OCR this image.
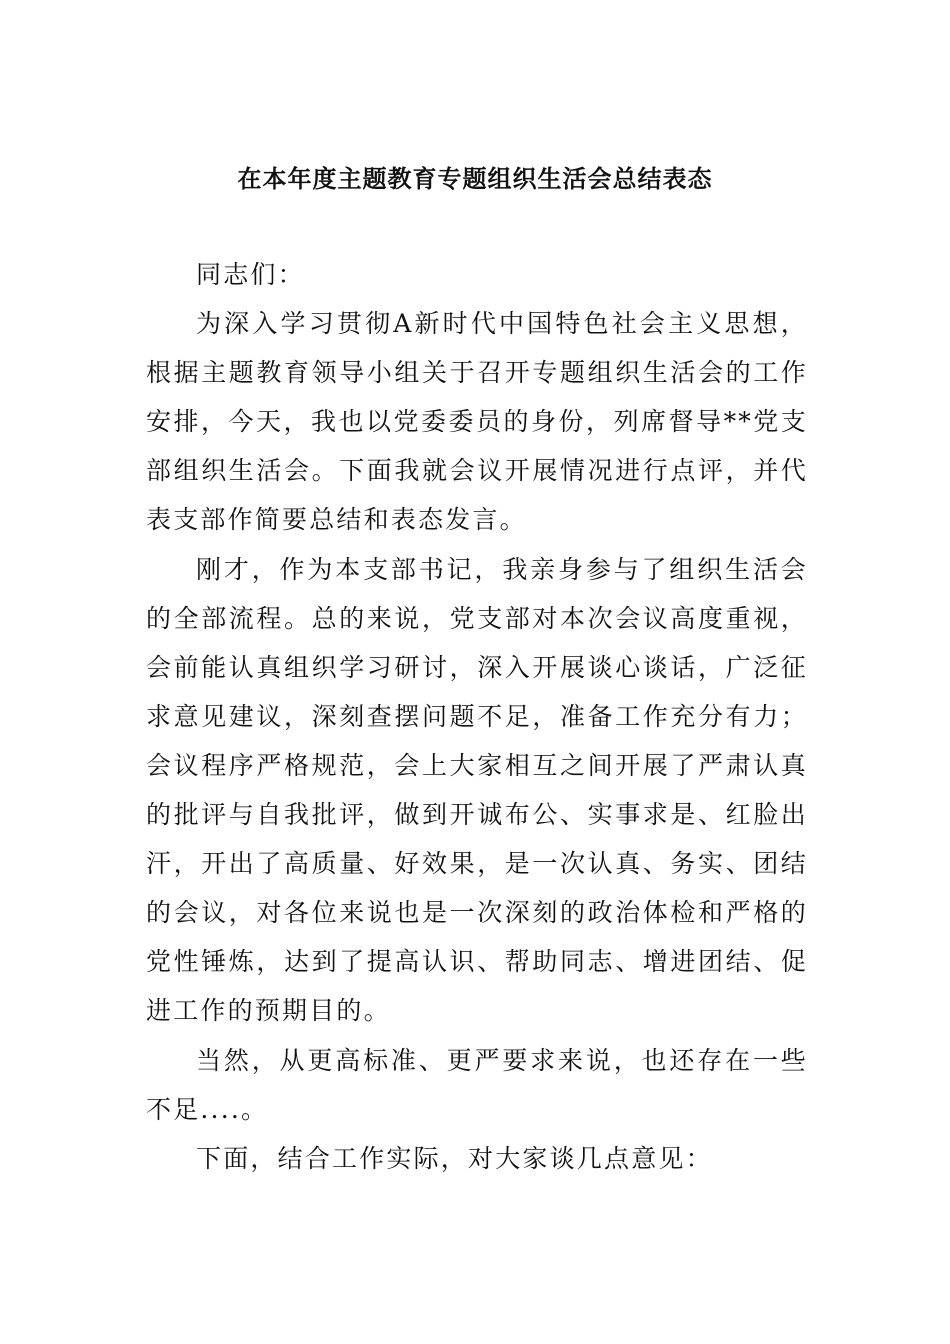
在本年度主题教育专题组织生活会总结表态

同志们：

为深入学习贯彻A新时代中国特色社会主义思想，根据主题教育领导小组关于召开专题组织生活会的工作安排，今天，我也以党委委员的身份，列席督导**党支部组织生活会。下面我就会议开展情况进行点评，并代表支部作简要总结和表态发言。

刚才，作为本支部书记，我亲身参与了组织生活会的全部流程。总的来说，党支部对本次会议高度重视，会前能认真组织学习研讨，深入开展谈心谈话，广泛征求意见建议，深刻查摆问题不足，准备工作充分有力；会议程序严格规范，会上大家相互之间开展了严肃认真的批评与自我批评，做到开诚布公、实事求是、红脸出汗，开出了高质量、好效果，是一次认真、务实、团结的会议，对各位来说也是一次深刻的政治体检和严格的党性锤炼，达到了提高认识、帮助同志、增进团结、促进工作的预期目的。

当然，从更高标准、更严要求来说，也还存在一些不足....。

下面，结合工作实际，对大家谈几点意见：
